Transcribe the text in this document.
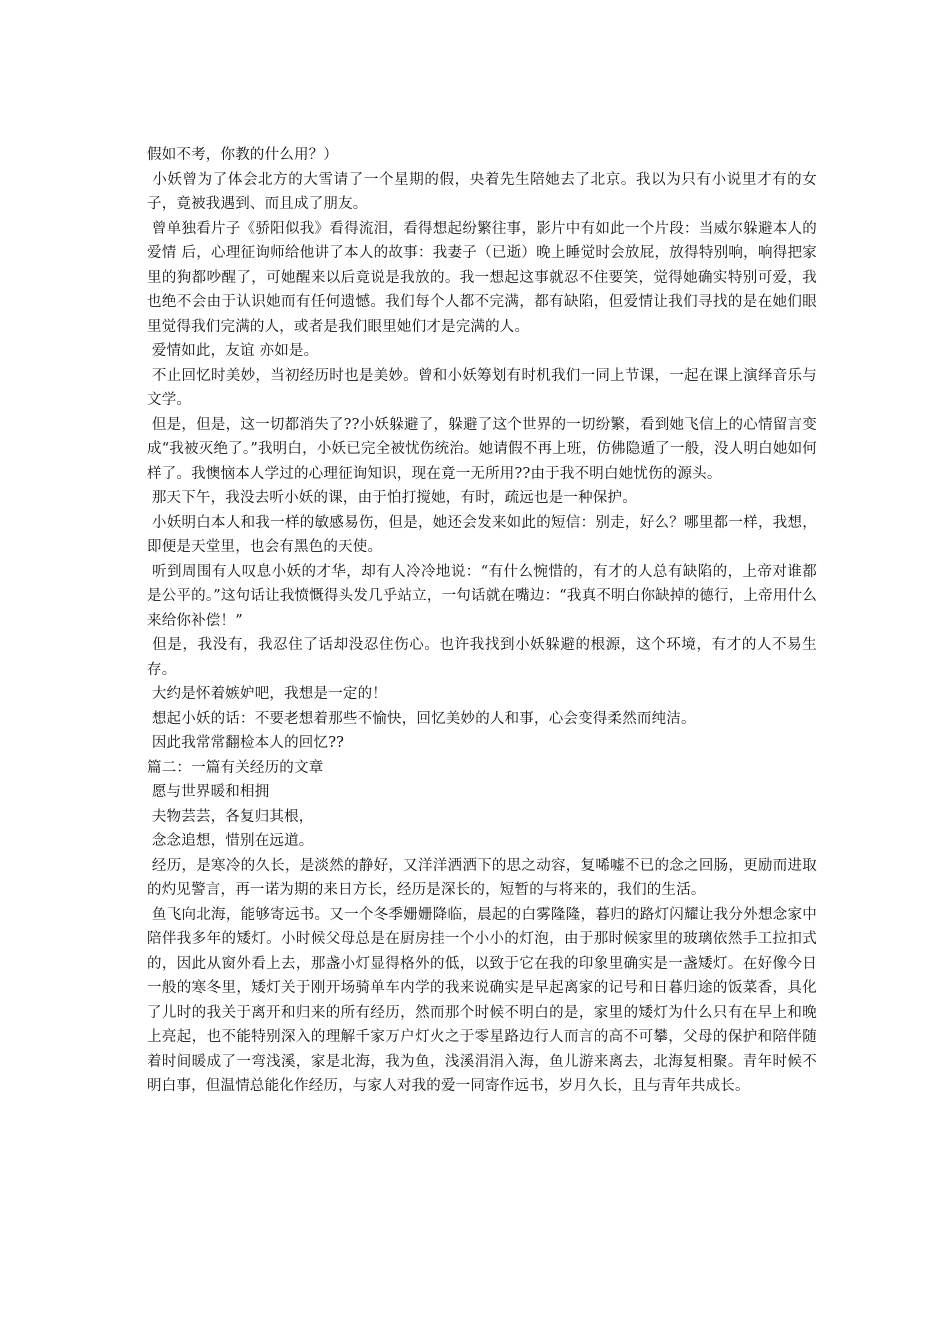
假如不考，你教的什么用？）

小妖曾为了体会北方的大雪请了一个星期的假，央着先生陪她去了北京。我以为只有小说里才有的女子，竟被我遇到、而且成了朋友。

曾单独看片子《骄阳似我》看得流泪，看得想起纷繁往事，影片中有如此一个片段：当威尔躲避本人的爱情 后，心理征询师给他讲了本人的故事：我妻子（已逝）晚上睡觉时会放屁，放得特别响，响得把家里的狗都吵醒了，可她醒来以后竟说是我放的。我一想起这事就忍不住要笑，觉得她确实特别可爱，我也绝不会由于认识她而有任何遗憾。我们每个人都不完满，都有缺陷，但爱情让我们寻找的是在她们眼里觉得我们完满的人，或者是我们眼里她们才是完满的人。

爱情如此，友谊 亦如是。

不止回忆时美妙，当初经历时也是美妙。曾和小妖筹划有时机我们一同上节课，一起在课上演绎音乐与文学。

但是，但是，这一切都消失了??小妖躲避了，躲避了这个世界的一切纷繁，看到她飞信上的心情留言变成“我被灭绝了。”我明白，小妖已完全被忧伤统治。她请假不再上班，仿佛隐遁了一般，没人明白她如何样了。我懊恼本人学过的心理征询知识，现在竟一无所用??由于我不明白她忧伤的源头。

那天下午，我没去听小妖的课，由于怕打搅她，有时，疏远也是一种保护。

小妖明白本人和我一样的敏感易伤，但是，她还会发来如此的短信：别走，好么？哪里都一样，我想，即便是天堂里，也会有黑色的天使。

听到周围有人叹息小妖的才华，却有人冷冷地说：“有什么惋惜的，有才的人总有缺陷的，上帝对谁都是公平的。”这句话让我愤慨得头发几乎站立，一句话就在嘴边：“我真不明白你缺掉的德行，上帝用什么来给你补偿！”

但是，我没有，我忍住了话却没忍住伤心。也许我找到小妖躲避的根源，这个环境，有才的人不易生存。

大约是怀着嫉妒吧，我想是一定的！

想起小妖的话：不要老想着那些不愉快，回忆美妙的人和事，心会变得柔然而纯洁。

因此我常常翻检本人的回忆??

篇二：一篇有关经历的文章

愿与世界暖和相拥

夫物芸芸，各复归其根，

念念追想，惜别在远道。

经历，是寒冷的久长，是淡然的静好，又洋洋洒洒下的思之动容，复唏嘘不已的念之回肠，更励而进取的灼见警言，再一诺为期的来日方长，经历是深长的，短暂的与将来的，我们的生活。

鱼飞向北海，能够寄远书。又一个冬季姗姗降临，晨起的白雾隆隆，暮归的路灯闪耀让我分外想念家中陪伴我多年的矮灯。小时候父母总是在厨房挂一个小小的灯泡，由于那时候家里的玻璃依然手工拉扣式的，因此从窗外看上去，那盏小灯显得格外的低，以致于它在我的印象里确实是一盏矮灯。在好像今日一般的寒冬里，矮灯关于刚开场骑单车内学的我来说确实是早起离家的记号和日暮归途的饭菜香，具化了儿时的我关于离开和归来的所有经历，然而那个时候不明白的是，家里的矮灯为什么只有在早上和晚上亮起，也不能特别深入的理解千家万户灯火之于零星路边行人而言的高不可攀，父母的保护和陪伴随着时间暖成了一弯浅溪，家是北海，我为鱼，浅溪涓涓入海，鱼儿游来离去，北海复相聚。青年时候不明白事，但温情总能化作经历，与家人对我的爱一同寄作远书，岁月久长，且与青年共成长。
